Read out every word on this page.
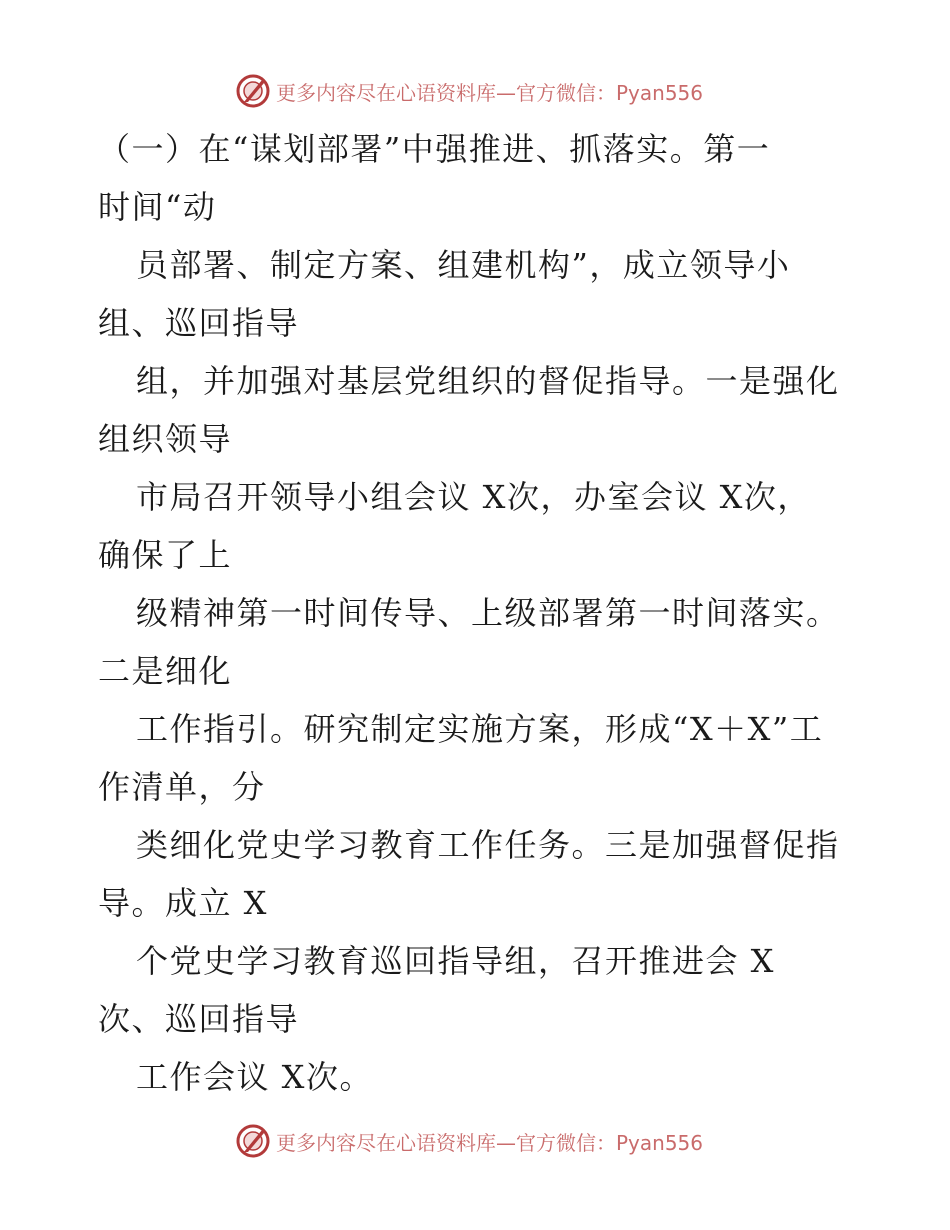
更多内容尽在心语资料库—官方微信：Pyan556
（一）在“谋划部署”中强推进、抓落实。第一
时间“动
员部署、制定方案、组建机构”，成立领导小
组、巡回指导
组，并加强对基层党组织的督促指导。一是强化
组织领导
市局召开领导小组会议 X次，办室会议 X次，
确保了上
级精神第一时间传导、上级部署第一时间落实。
二是细化
工作指引。研究制定实施方案，形成“X＋X”工
作清单，分
类细化党史学习教育工作任务。三是加强督促指
导。成立 X
个党史学习教育巡回指导组，召开推进会 X
次、巡回指导
工作会议 X次。
更多内容尽在心语资料库—官方微信：Pyan556
